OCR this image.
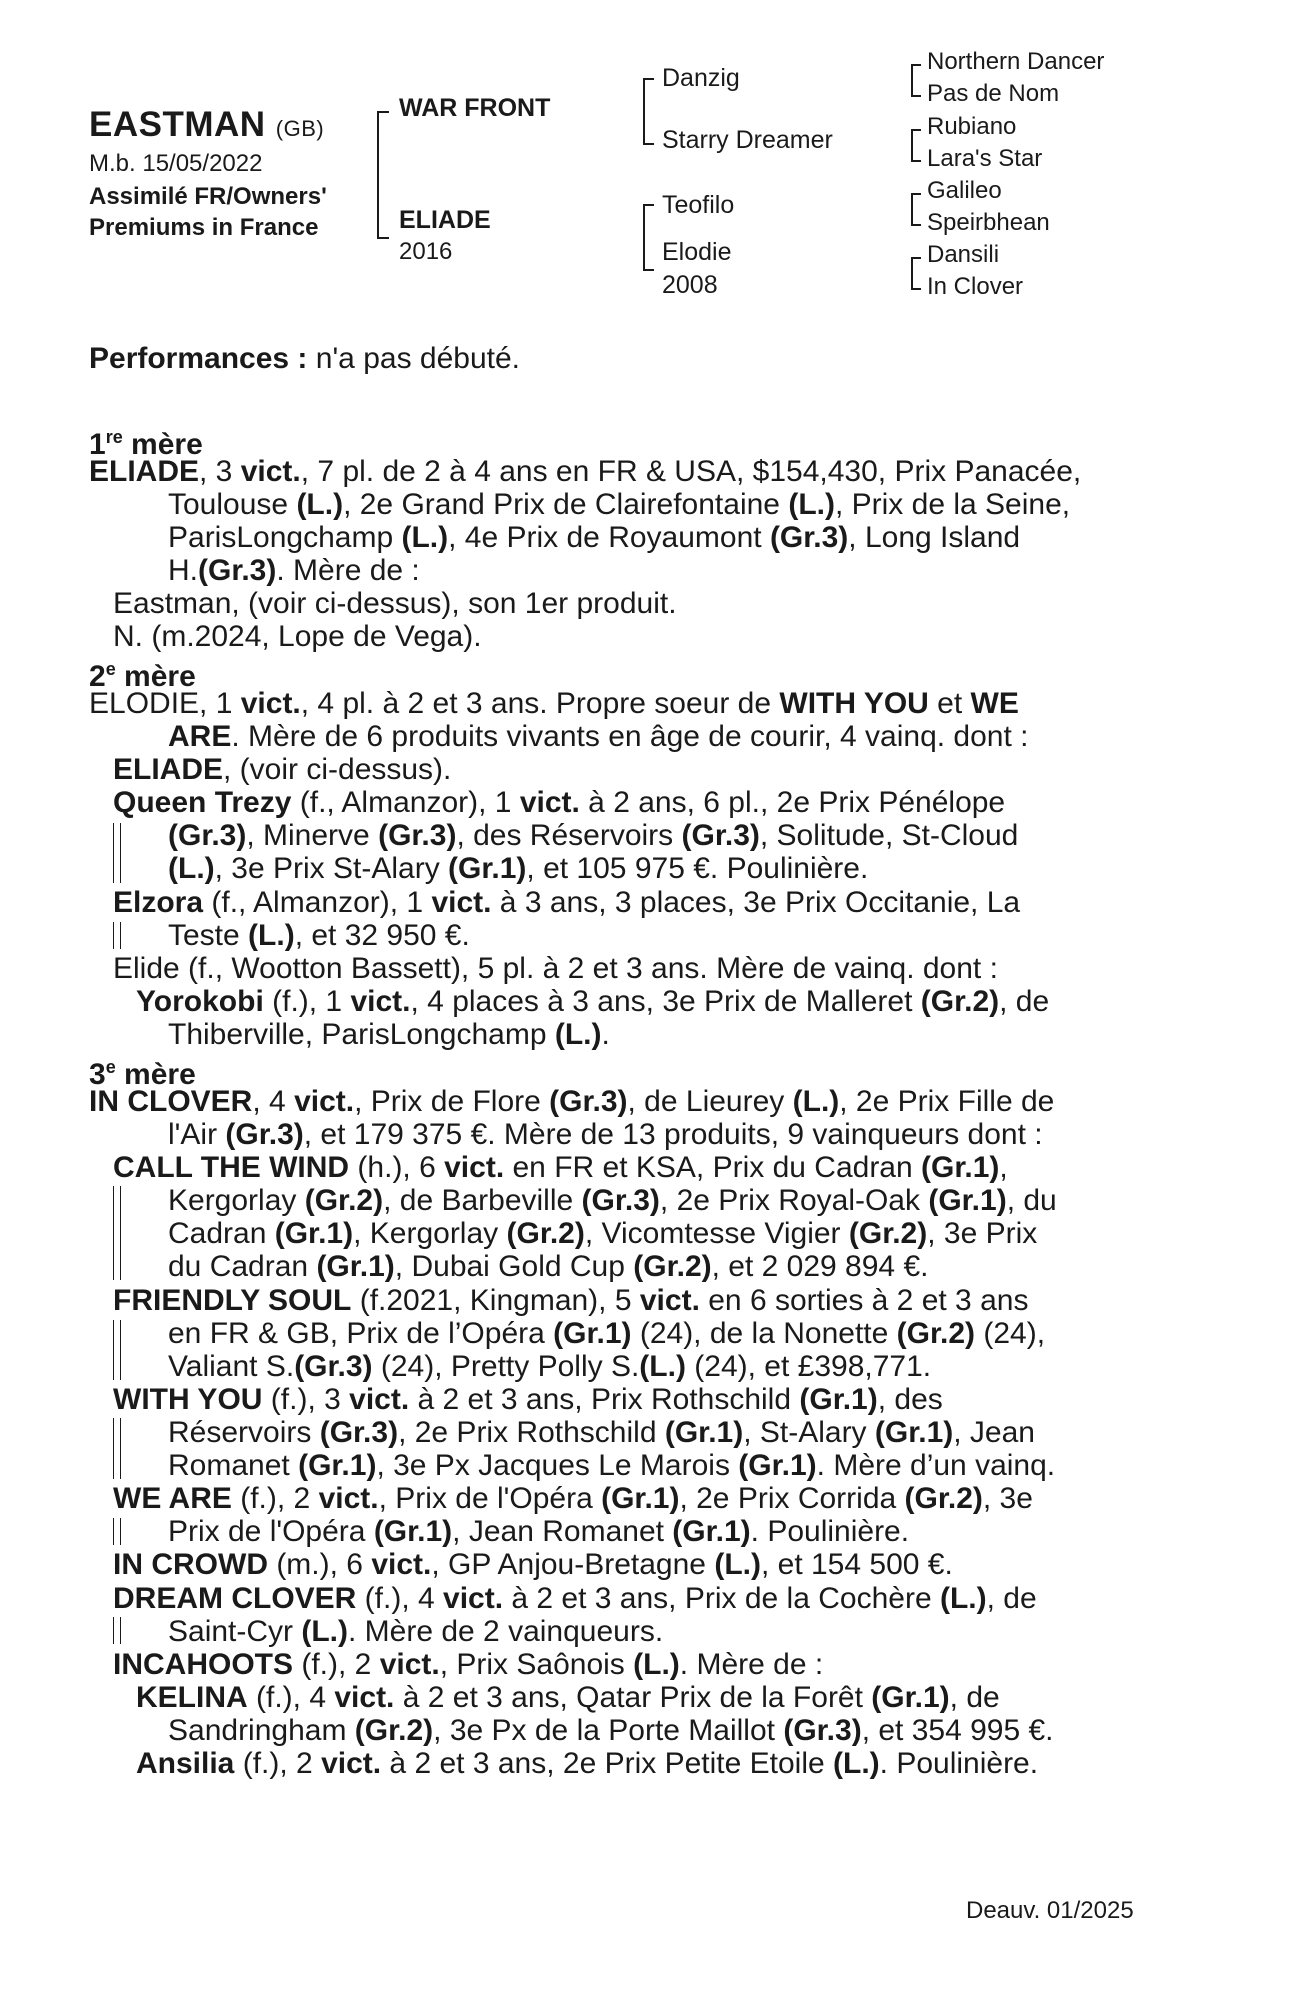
EASTMAN (GB)
M.b. 15/05/2022
Assimilé FR/Owners'
Premiums in France
WAR FRONT
ELIADE
2016
Danzig
Starry Dreamer
Teofilo
Elodie
2008
Northern Dancer
Pas de Nom
Rubiano
Lara's Star
Galileo
Speirbhean
Dansili
In Clover
Performances : n'a pas débuté.
1re mère
ELIADE, 3 vict., 7 pl. de 2 à 4 ans en FR & USA, $154,430, Prix Panacée,
Toulouse (L.), 2e Grand Prix de Clairefontaine (L.), Prix de la Seine,
ParisLongchamp (L.), 4e Prix de Royaumont (Gr.3), Long Island
H.(Gr.3). Mère de :
Eastman, (voir ci-dessus), son 1er produit.
N. (m.2024, Lope de Vega).
2e mère
ELODIE, 1 vict., 4 pl. à 2 et 3 ans. Propre soeur de WITH YOU et WE
ARE. Mère de 6 produits vivants en âge de courir, 4 vainq. dont :
ELIADE, (voir ci-dessus).
Queen Trezy (f., Almanzor), 1 vict. à 2 ans, 6 pl., 2e Prix Pénélope
(Gr.3), Minerve (Gr.3), des Réservoirs (Gr.3), Solitude, St-Cloud
(L.), 3e Prix St-Alary (Gr.1), et 105 975 €. Poulinière.
Elzora (f., Almanzor), 1 vict. à 3 ans, 3 places, 3e Prix Occitanie, La
Teste (L.), et 32 950 €.
Elide (f., Wootton Bassett), 5 pl. à 2 et 3 ans. Mère de vainq. dont :
Yorokobi (f.), 1 vict., 4 places à 3 ans, 3e Prix de Malleret (Gr.2), de
Thiberville, ParisLongchamp (L.).
3e mère
IN CLOVER, 4 vict., Prix de Flore (Gr.3), de Lieurey (L.), 2e Prix Fille de
l'Air (Gr.3), et 179 375 €. Mère de 13 produits, 9 vainqueurs dont :
CALL THE WIND (h.), 6 vict. en FR et KSA, Prix du Cadran (Gr.1),
Kergorlay (Gr.2), de Barbeville (Gr.3), 2e Prix Royal-Oak (Gr.1), du
Cadran (Gr.1), Kergorlay (Gr.2), Vicomtesse Vigier (Gr.2), 3e Prix
du Cadran (Gr.1), Dubai Gold Cup (Gr.2), et 2 029 894 €.
FRIENDLY SOUL (f.2021, Kingman), 5 vict. en 6 sorties à 2 et 3 ans
en FR & GB, Prix de l’Opéra (Gr.1) (24), de la Nonette (Gr.2) (24),
Valiant S.(Gr.3) (24), Pretty Polly S.(L.) (24), et £398,771.
WITH YOU (f.), 3 vict. à 2 et 3 ans, Prix Rothschild (Gr.1), des
Réservoirs (Gr.3), 2e Prix Rothschild (Gr.1), St-Alary (Gr.1), Jean
Romanet (Gr.1), 3e Px Jacques Le Marois (Gr.1). Mère d’un vainq.
WE ARE (f.), 2 vict., Prix de l'Opéra (Gr.1), 2e Prix Corrida (Gr.2), 3e
Prix de l'Opéra (Gr.1), Jean Romanet (Gr.1). Poulinière.
IN CROWD (m.), 6 vict., GP Anjou-Bretagne (L.), et 154 500 €.
DREAM CLOVER (f.), 4 vict. à 2 et 3 ans, Prix de la Cochère (L.), de
Saint-Cyr (L.). Mère de 2 vainqueurs.
INCAHOOTS (f.), 2 vict., Prix Saônois (L.). Mère de :
KELINA (f.), 4 vict. à 2 et 3 ans, Qatar Prix de la Forêt (Gr.1), de
Sandringham (Gr.2), 3e Px de la Porte Maillot (Gr.3), et 354 995 €.
Ansilia (f.), 2 vict. à 2 et 3 ans, 2e Prix Petite Etoile (L.). Poulinière.
Deauv. 01/2025
